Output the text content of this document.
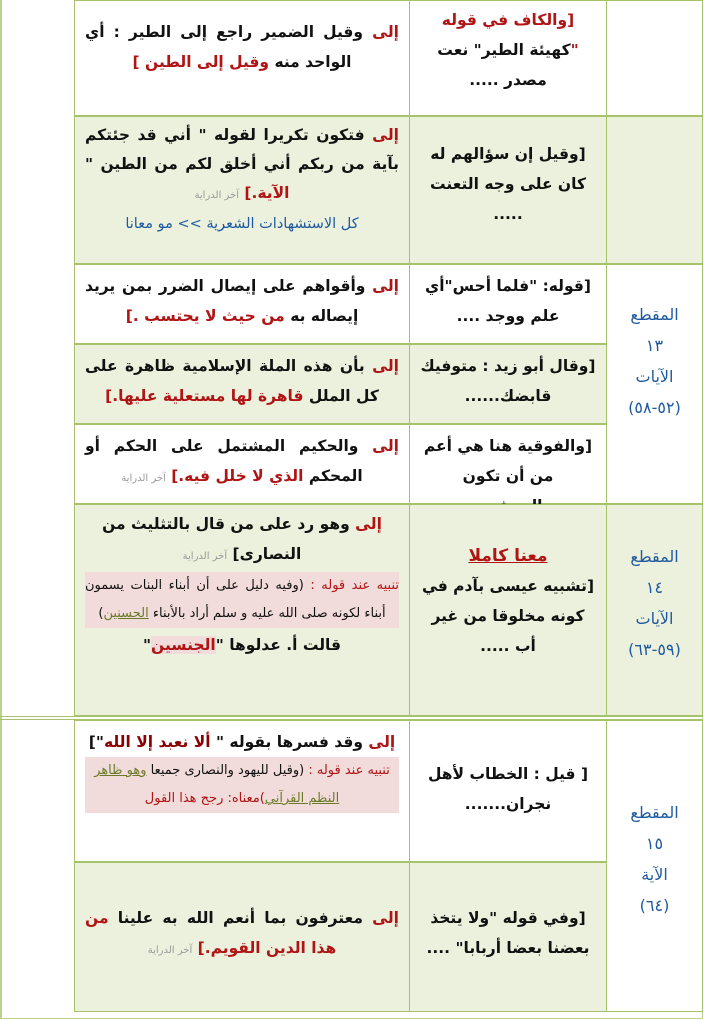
إلى وقيل الضمير راجع إلى الطير : أي الواحد منه وقيل إلى الطين ]
[والكاف في قوله "كهيئة الطير" نعت مصدر .....
إلى فتكون تكريرا لقوله " أني قد جئتكم بآية من ربكم أني أخلق لكم من الطين " الآية.] آخر الدراية
كل الاستشهادات الشعرية >> مو معانا
[وقيل إن سؤالهم له كان على وجه التعنت .....
إلى وأقواهم على إيصال الضرر بمن يريد إيصاله به من حيث لا يحتسب .]
[قوله: "فلما أحس"أي علم ووجد ....
إلى بأن هذه الملة الإسلامية ظاهرة على كل الملل قاهرة لها مستعلية عليها.]
[وقال أبو زيد : متوفيك قابضك......
إلى والحكيم المشتمل على الحكم أو المحكم الذي لا خلل فيه.] آخر الدراية
[والفوقية هنا هي أعم من أن تكون
المقطع
١٣
الآيات
(٥٢-٥٨)
إلى وهو رد على من قال بالتثليث من النصارى] آخر الدراية
تنبيه عند قوله : (وفيه دليل على أن أبناء البنات يسمون أبناء لكونه صلى الله عليه و سلم أراد بالأبناء الحسنين)
قالت أ. عدلوها "الجنسين"
معنا كاملا
[تشبيه عيسى بآدم في كونه مخلوقا من غير أب .....
المقطع
١٤
الآيات
(٥٩-٦٣)
إلى وقد فسرها بقوله " ألا نعبد إلا الله"]
تنبيه عند قوله : (وقيل لليهود والنصارى جميعا وهو ظاهر النظم القرآني)معناه: رجح هذا القول
[ قيل : الخطاب لأهل نجران.......
إلى معترفون بما أنعم الله به علينا من هذا الدين القويم.] آخر الدراية
[وفي قوله "ولا يتخذ بعضنا بعضا أربابا" ....
المقطع
١٥
الآية
(٦٤)
